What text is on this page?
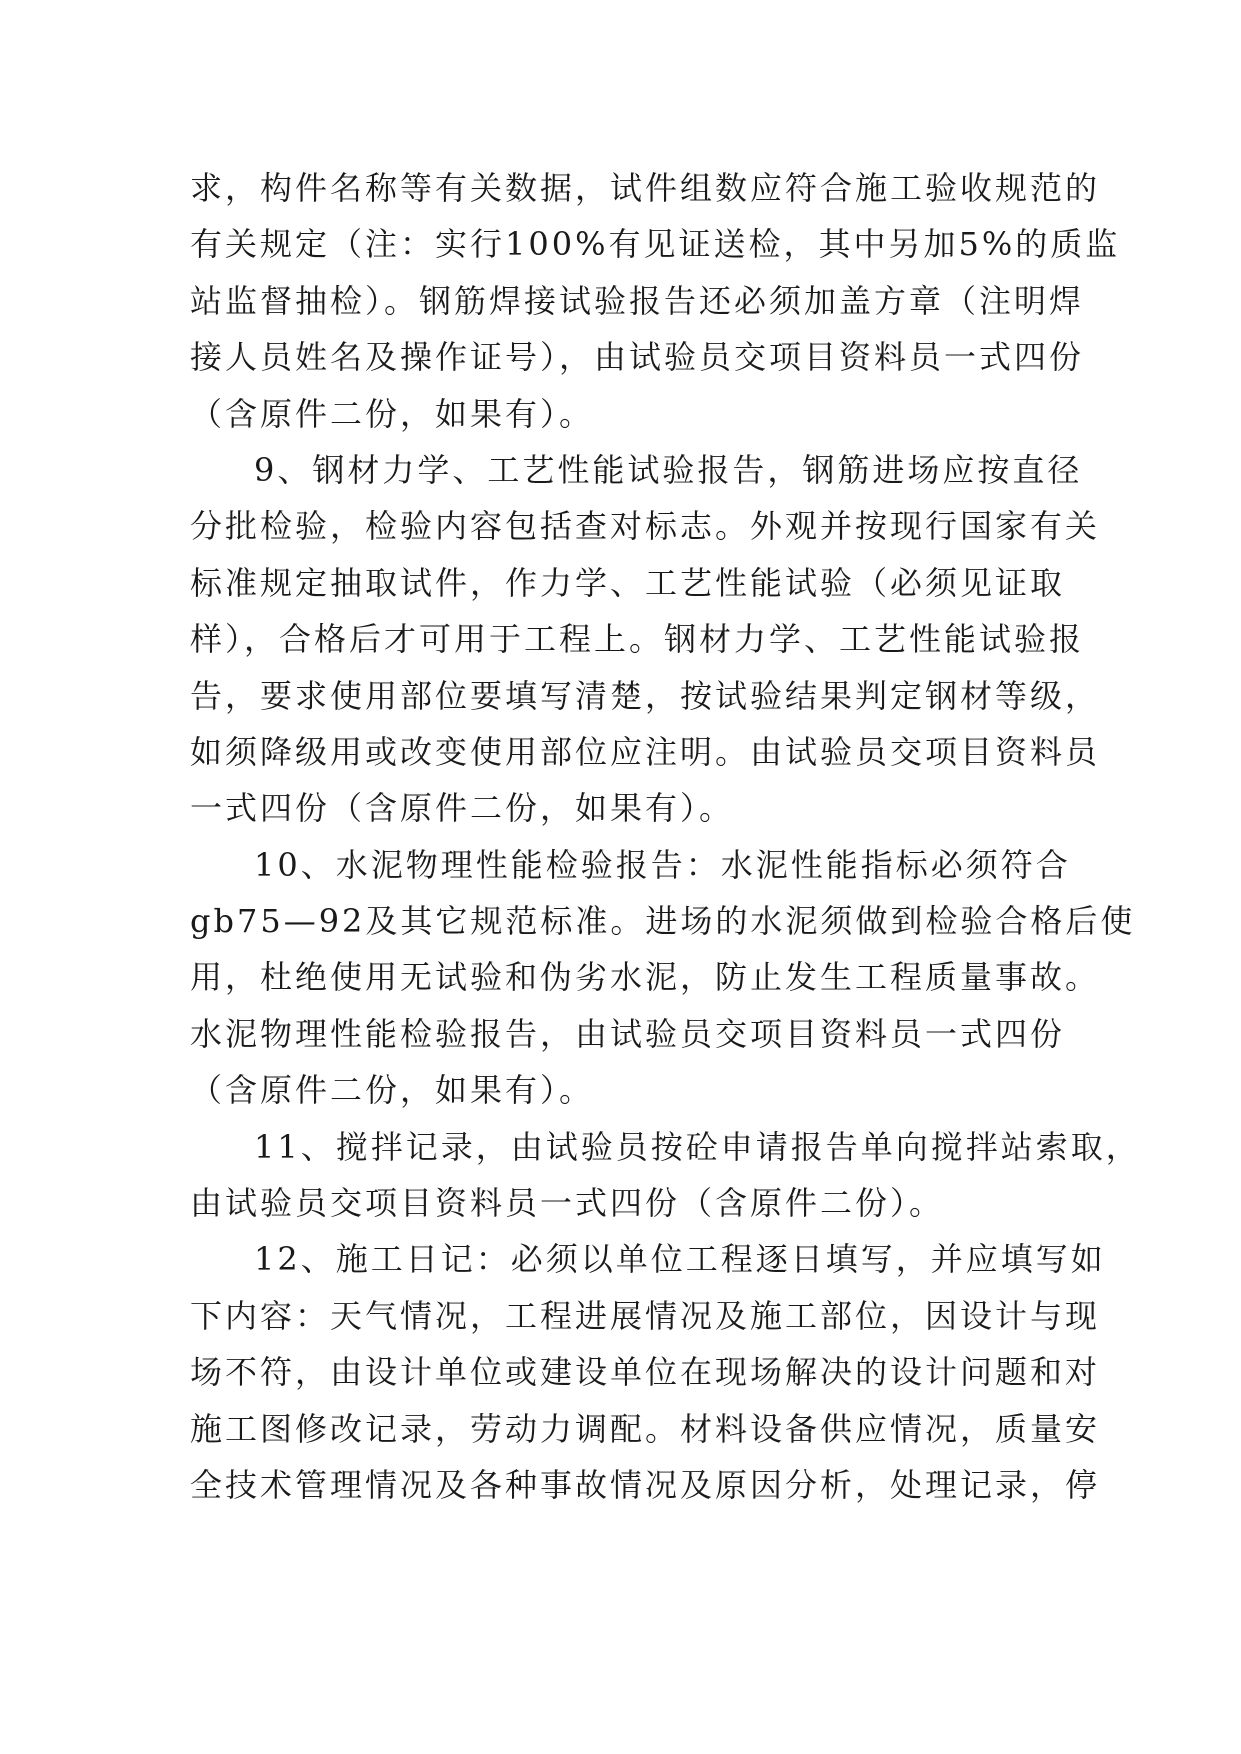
求，构件名称等有关数据，试件组数应符合施工验收规范的
有关规定（注：实行100%有见证送检，其中另加5%的质监
站监督抽检）。钢筋焊接试验报告还必须加盖方章（注明焊
接人员姓名及操作证号），由试验员交项目资料员一式四份
（含原件二份，如果有）。
9、钢材力学、工艺性能试验报告，钢筋进场应按直径
分批检验，检验内容包括查对标志。外观并按现行国家有关
标准规定抽取试件，作力学、工艺性能试验（必须见证取
样），合格后才可用于工程上。钢材力学、工艺性能试验报
告，要求使用部位要填写清楚，按试验结果判定钢材等级，
如须降级用或改变使用部位应注明。由试验员交项目资料员
一式四份（含原件二份，如果有）。
10、水泥物理性能检验报告：水泥性能指标必须符合
gb75—92及其它规范标准。进场的水泥须做到检验合格后使
用，杜绝使用无试验和伪劣水泥，防止发生工程质量事故。
水泥物理性能检验报告，由试验员交项目资料员一式四份
（含原件二份，如果有）。
11、搅拌记录，由试验员按砼申请报告单向搅拌站索取，
由试验员交项目资料员一式四份（含原件二份）。
12、施工日记：必须以单位工程逐日填写，并应填写如
下内容：天气情况，工程进展情况及施工部位，因设计与现
场不符，由设计单位或建设单位在现场解决的设计问题和对
施工图修改记录，劳动力调配。材料设备供应情况，质量安
全技术管理情况及各种事故情况及原因分析，处理记录，停
